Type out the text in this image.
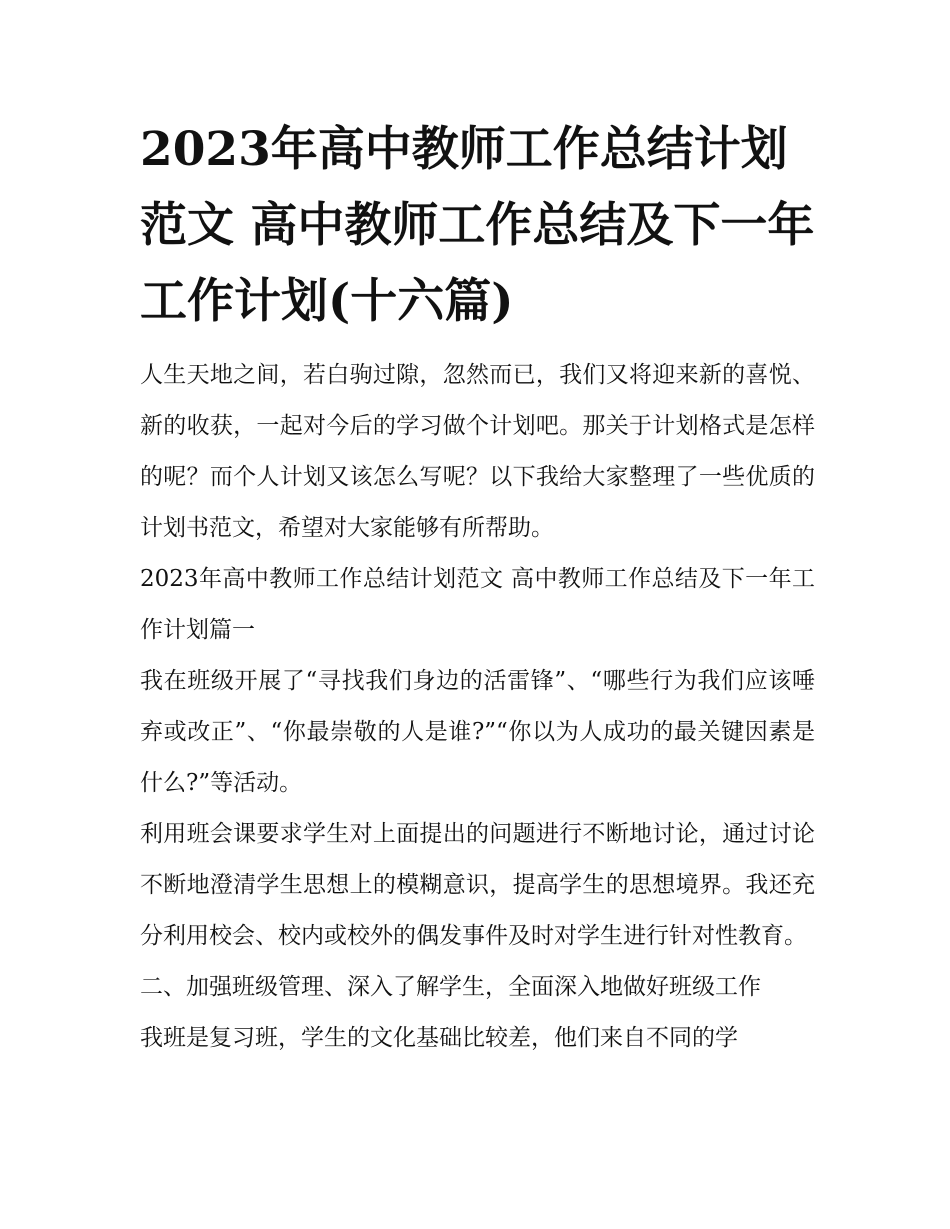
2023年高中教师工作总结计划范文 高中教师工作总结及下一年工作计划(十六篇)

人生天地之间，若白驹过隙，忽然而已，我们又将迎来新的喜悦、新的收获，一起对今后的学习做个计划吧。那关于计划格式是怎样的呢？而个人计划又该怎么写呢？以下我给大家整理了一些优质的计划书范文，希望对大家能够有所帮助。

2023年高中教师工作总结计划范文 高中教师工作总结及下一年工作计划篇一

我在班级开展了“寻找我们身边的活雷锋”、“哪些行为我们应该唾弃或改正”、“你最崇敬的人是谁?”“你以为人成功的最关键因素是什么?”等活动。

利用班会课要求学生对上面提出的问题进行不断地讨论，通过讨论不断地澄清学生思想上的模糊意识，提高学生的思想境界。我还充分利用校会、校内或校外的偶发事件及时对学生进行针对性教育。

二、加强班级管理、深入了解学生，全面深入地做好班级工作

我班是复习班，学生的文化基础比较差，他们来自不同的学
